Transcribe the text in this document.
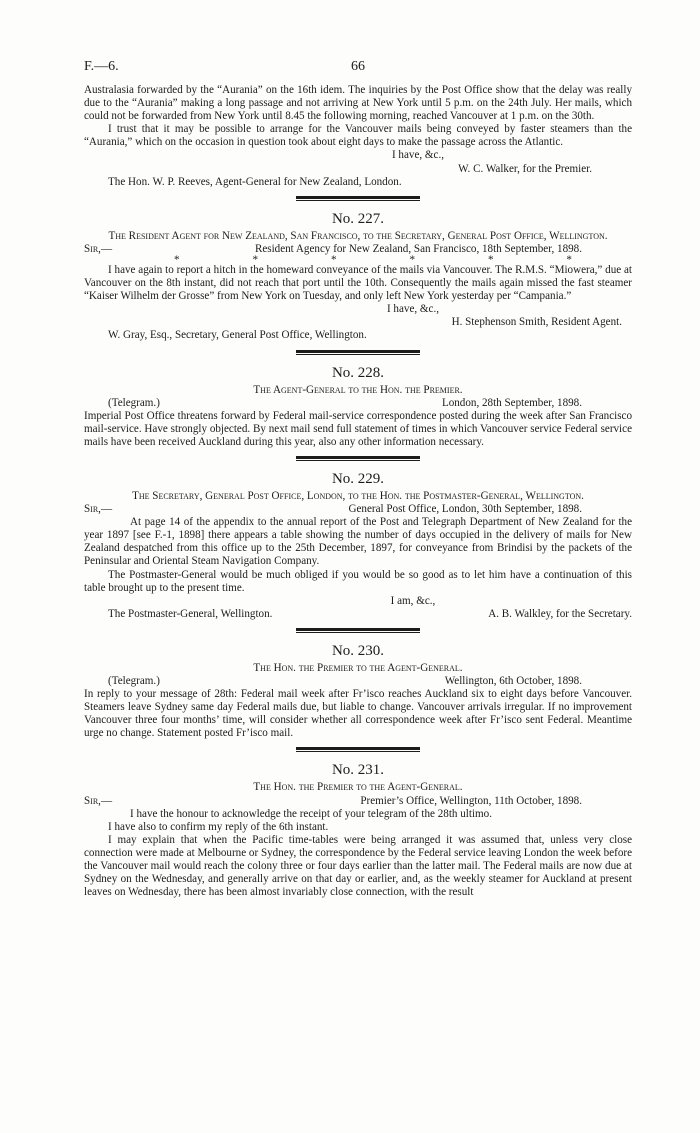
F.—6.	66

Australasia forwarded by the “Aurania” on the 16th idem. The inquiries by the Post Office show that the delay was really due to the “Aurania” making a long passage and not arriving at New York until 5 p.m. on the 24th July. Her mails, which could not be forwarded from New York until 8.45 the following morning, reached Vancouver at 1 p.m. on the 30th.

I trust that it may be possible to arrange for the Vancouver mails being conveyed by faster steamers than the “Aurania,” which on the occasion in question took about eight days to make the passage across the Atlantic.

I have, &c.,

W. C. Walker, for the Premier.

The Hon. W. P. Reeves, Agent-General for New Zealand, London.

No. 227.

The Resident Agent for New Zealand, San Francisco, to the Secretary, General Post Office, Wellington.

Sir,—	Resident Agency for New Zealand, San Francisco, 18th September, 1898.
*	*	*	*	*	*

I have again to report a hitch in the homeward conveyance of the mails via Vancouver. The R.M.S. “Miowera,” due at Vancouver on the 8th instant, did not reach that port until the 10th. Consequently the mails again missed the fast steamer “Kaiser Wilhelm der Grosse” from New York on Tuesday, and only left New York yesterday per “Campania.”

I have, &c.,

H. Stephenson Smith, Resident Agent.

W. Gray, Esq., Secretary, General Post Office, Wellington.

No. 228.

The Agent-General to the Hon. the Premier.

(Telegram.)	London, 28th September, 1898.

Imperial Post Office threatens forward by Federal mail-service correspondence posted during the week after San Francisco mail-service. Have strongly objected. By next mail send full statement of times in which Vancouver service Federal service mails have been received Auckland during this year, also any other information necessary.

No. 229.

The Secretary, General Post Office, London, to the Hon. the Postmaster-General, Wellington.

Sir,—	General Post Office, London, 30th September, 1898.

At page 14 of the appendix to the annual report of the Post and Telegraph Department of New Zealand for the year 1897 [see F.-1, 1898] there appears a table showing the number of days occupied in the delivery of mails for New Zealand despatched from this office up to the 25th December, 1897, for conveyance from Brindisi by the packets of the Peninsular and Oriental Steam Navigation Company.

The Postmaster-General would be much obliged if you would be so good as to let him have a continuation of this table brought up to the present time.

I am, &c.,

The Postmaster-General, Wellington.	A. B. Walkley, for the Secretary.
No. 230.

The Hon. the Premier to the Agent-General.

(Telegram.)	Wellington, 6th October, 1898.

In reply to your message of 28th: Federal mail week after Fr’isco reaches Auckland six to eight days before Vancouver. Steamers leave Sydney same day Federal mails due, but liable to change. Vancouver arrivals irregular. If no improvement Vancouver three four months’ time, will consider whether all correspondence week after Fr’isco sent Federal. Meantime urge no change. Statement posted Fr’isco mail.

No. 231.

The Hon. the Premier to the Agent-General.

Sir,—	Premier’s Office, Wellington, 11th October, 1898.

I have the honour to acknowledge the receipt of your telegram of the 28th ultimo.

I have also to confirm my reply of the 6th instant.

I may explain that when the Pacific time-tables were being arranged it was assumed that, unless very close connection were made at Melbourne or Sydney, the correspondence by the Federal service leaving London the week before the Vancouver mail would reach the colony three or four days earlier than the latter mail. The Federal mails are now due at Sydney on the Wednesday, and generally arrive on that day or earlier, and, as the weekly steamer for Auckland at present leaves on Wednesday, there has been almost invariably close connection, with the result
